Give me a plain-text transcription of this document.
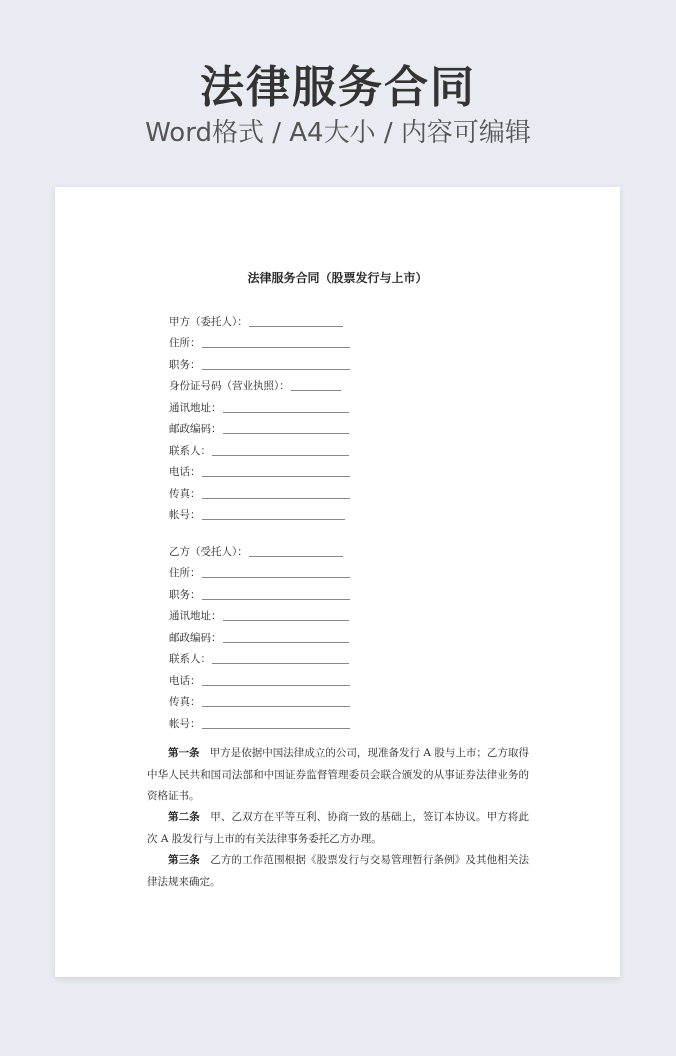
法律服务合同
Word格式 / A4大小 / 内容可编辑
法律服务合同（股票发行与上市）
甲方（委托人）：
住所：
职务：
身份证号码（营业执照）：
通讯地址：
邮政编码：
联系人：
电话：
传真：
帐号：
乙方（受托人）：
住所：
职务：
通讯地址：
邮政编码：
联系人：
电话：
传真：
帐号：
第一条 甲方是依据中国法律成立的公司，现准备发行 A 股与上市；乙方取得中华人民共和国司法部和中国证券监督管理委员会联合颁发的从事证券法律业务的资格证书。
第二条 甲、乙双方在平等互利、协商一致的基础上，签订本协议。甲方将此次 A 股发行与上市的有关法律事务委托乙方办理。
第三条 乙方的工作范围根据《股票发行与交易管理暂行条例》及其他相关法律法规来确定。
